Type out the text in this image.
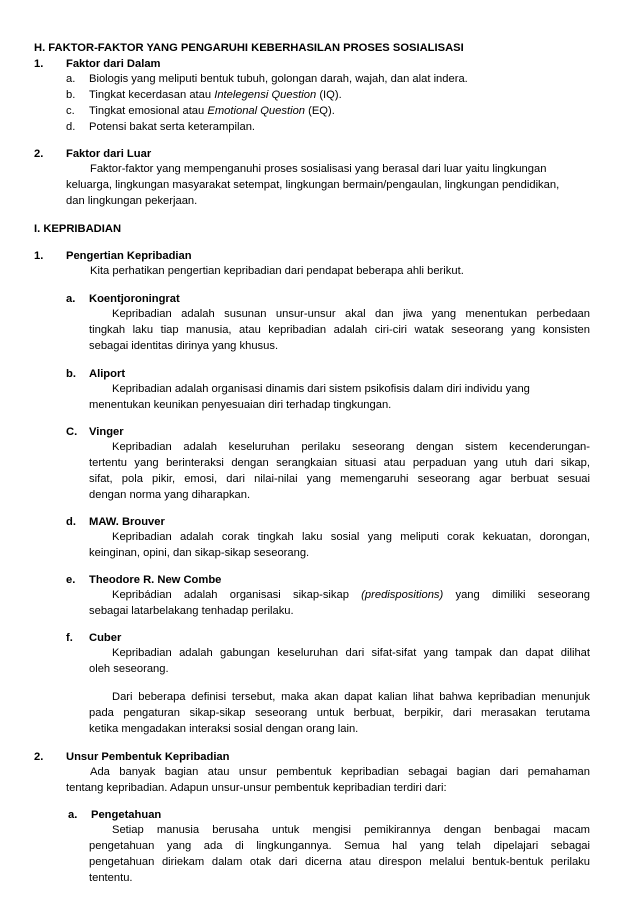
H. FAKTOR-FAKTOR YANG PENGARUHI KEBERHASILAN PROSES SOSIALISASI
1. Faktor dari Dalam
a. Biologis yang meliputi bentuk tubuh, golongan darah, wajah, dan alat indera.
b. Tingkat kecerdasan atau Intelegensi Question (IQ).
c. Tingkat emosional atau Emotional Question (EQ).
d. Potensi bakat serta keterampilan.
2. Faktor dari Luar
Faktor-faktor yang mempenganuhi proses sosialisasi yang berasal dari luar yaitu lingkungan
keluarga, lingkungan masyarakat setempat, lingkungan bermain/pengaulan, lingkungan pendidikan,
dan lingkungan pekerjaan.
I. KEPRIBADIAN
1. Pengertian Kepribadian
Kita perhatikan pengertian kepribadian dari pendapat beberapa ahli berikut.
a. Koentjoroningrat
Kepribadian adalah susunan unsur-unsur akal dan jiwa yang menentukan perbedaan
tingkah laku tiap manusia, atau kepribadian adalah ciri-ciri watak seseorang yang konsisten
sebagai identitas dirinya yang khusus.
b. Aliport
Kepribadian adalah organisasi dinamis dari sistem psikofisis dalam diri individu yang
menentukan keunikan penyesuaian diri terhadap tingkungan.
C. Vinger
Kepribadian adalah keseluruhan perilaku seseorang dengan sistem kecenderungan-
tertentu yang berinteraksi dengan serangkaian situasi atau perpaduan yang utuh dari sikap,
sifat, pola pikir, emosi, dari nilai-nilai yang memengaruhi seseorang agar berbuat sesuai
dengan norma yang diharapkan.
d. MAW. Brouver
Kepribadian adalah corak tingkah laku sosial yang meliputi corak kekuatan, dorongan,
keinginan, opini, dan sikap-sikap seseorang.
e. Theodore R. New Combe
Kepribádian adalah organisasi sikap-sikap (predispositions) yang dimiliki seseorang
sebagai latarbelakang tenhadap perilaku.
f. Cuber
Kepribadian adalah gabungan keseluruhan dari sifat-sifat yang tampak dan dapat dilihat
oleh seseorang.
Dari beberapa definisi tersebut, maka akan dapat kalian lihat bahwa kepribadian menunjuk
pada pengaturan sikap-sikap seseorang untuk berbuat, berpikir, dari merasakan terutama
ketika mengadakan interaksi sosial dengan orang lain.
2. Unsur Pembentuk Kepribadian
Ada banyak bagian atau unsur pembentuk kepribadian sebagai bagian dari pemahaman
tentang kepribadian. Adapun unsur-unsur pembentuk kepribadian terdiri dari:
a. Pengetahuan
Setiap manusia berusaha untuk mengisi pemikirannya dengan benbagai macam
pengetahuan yang ada di lingkungannya. Semua hal yang telah dipelajari sebagai
pengetahuan diriekam dalam otak dari dicerna atau direspon melalui bentuk-bentuk perilaku
tententu.
